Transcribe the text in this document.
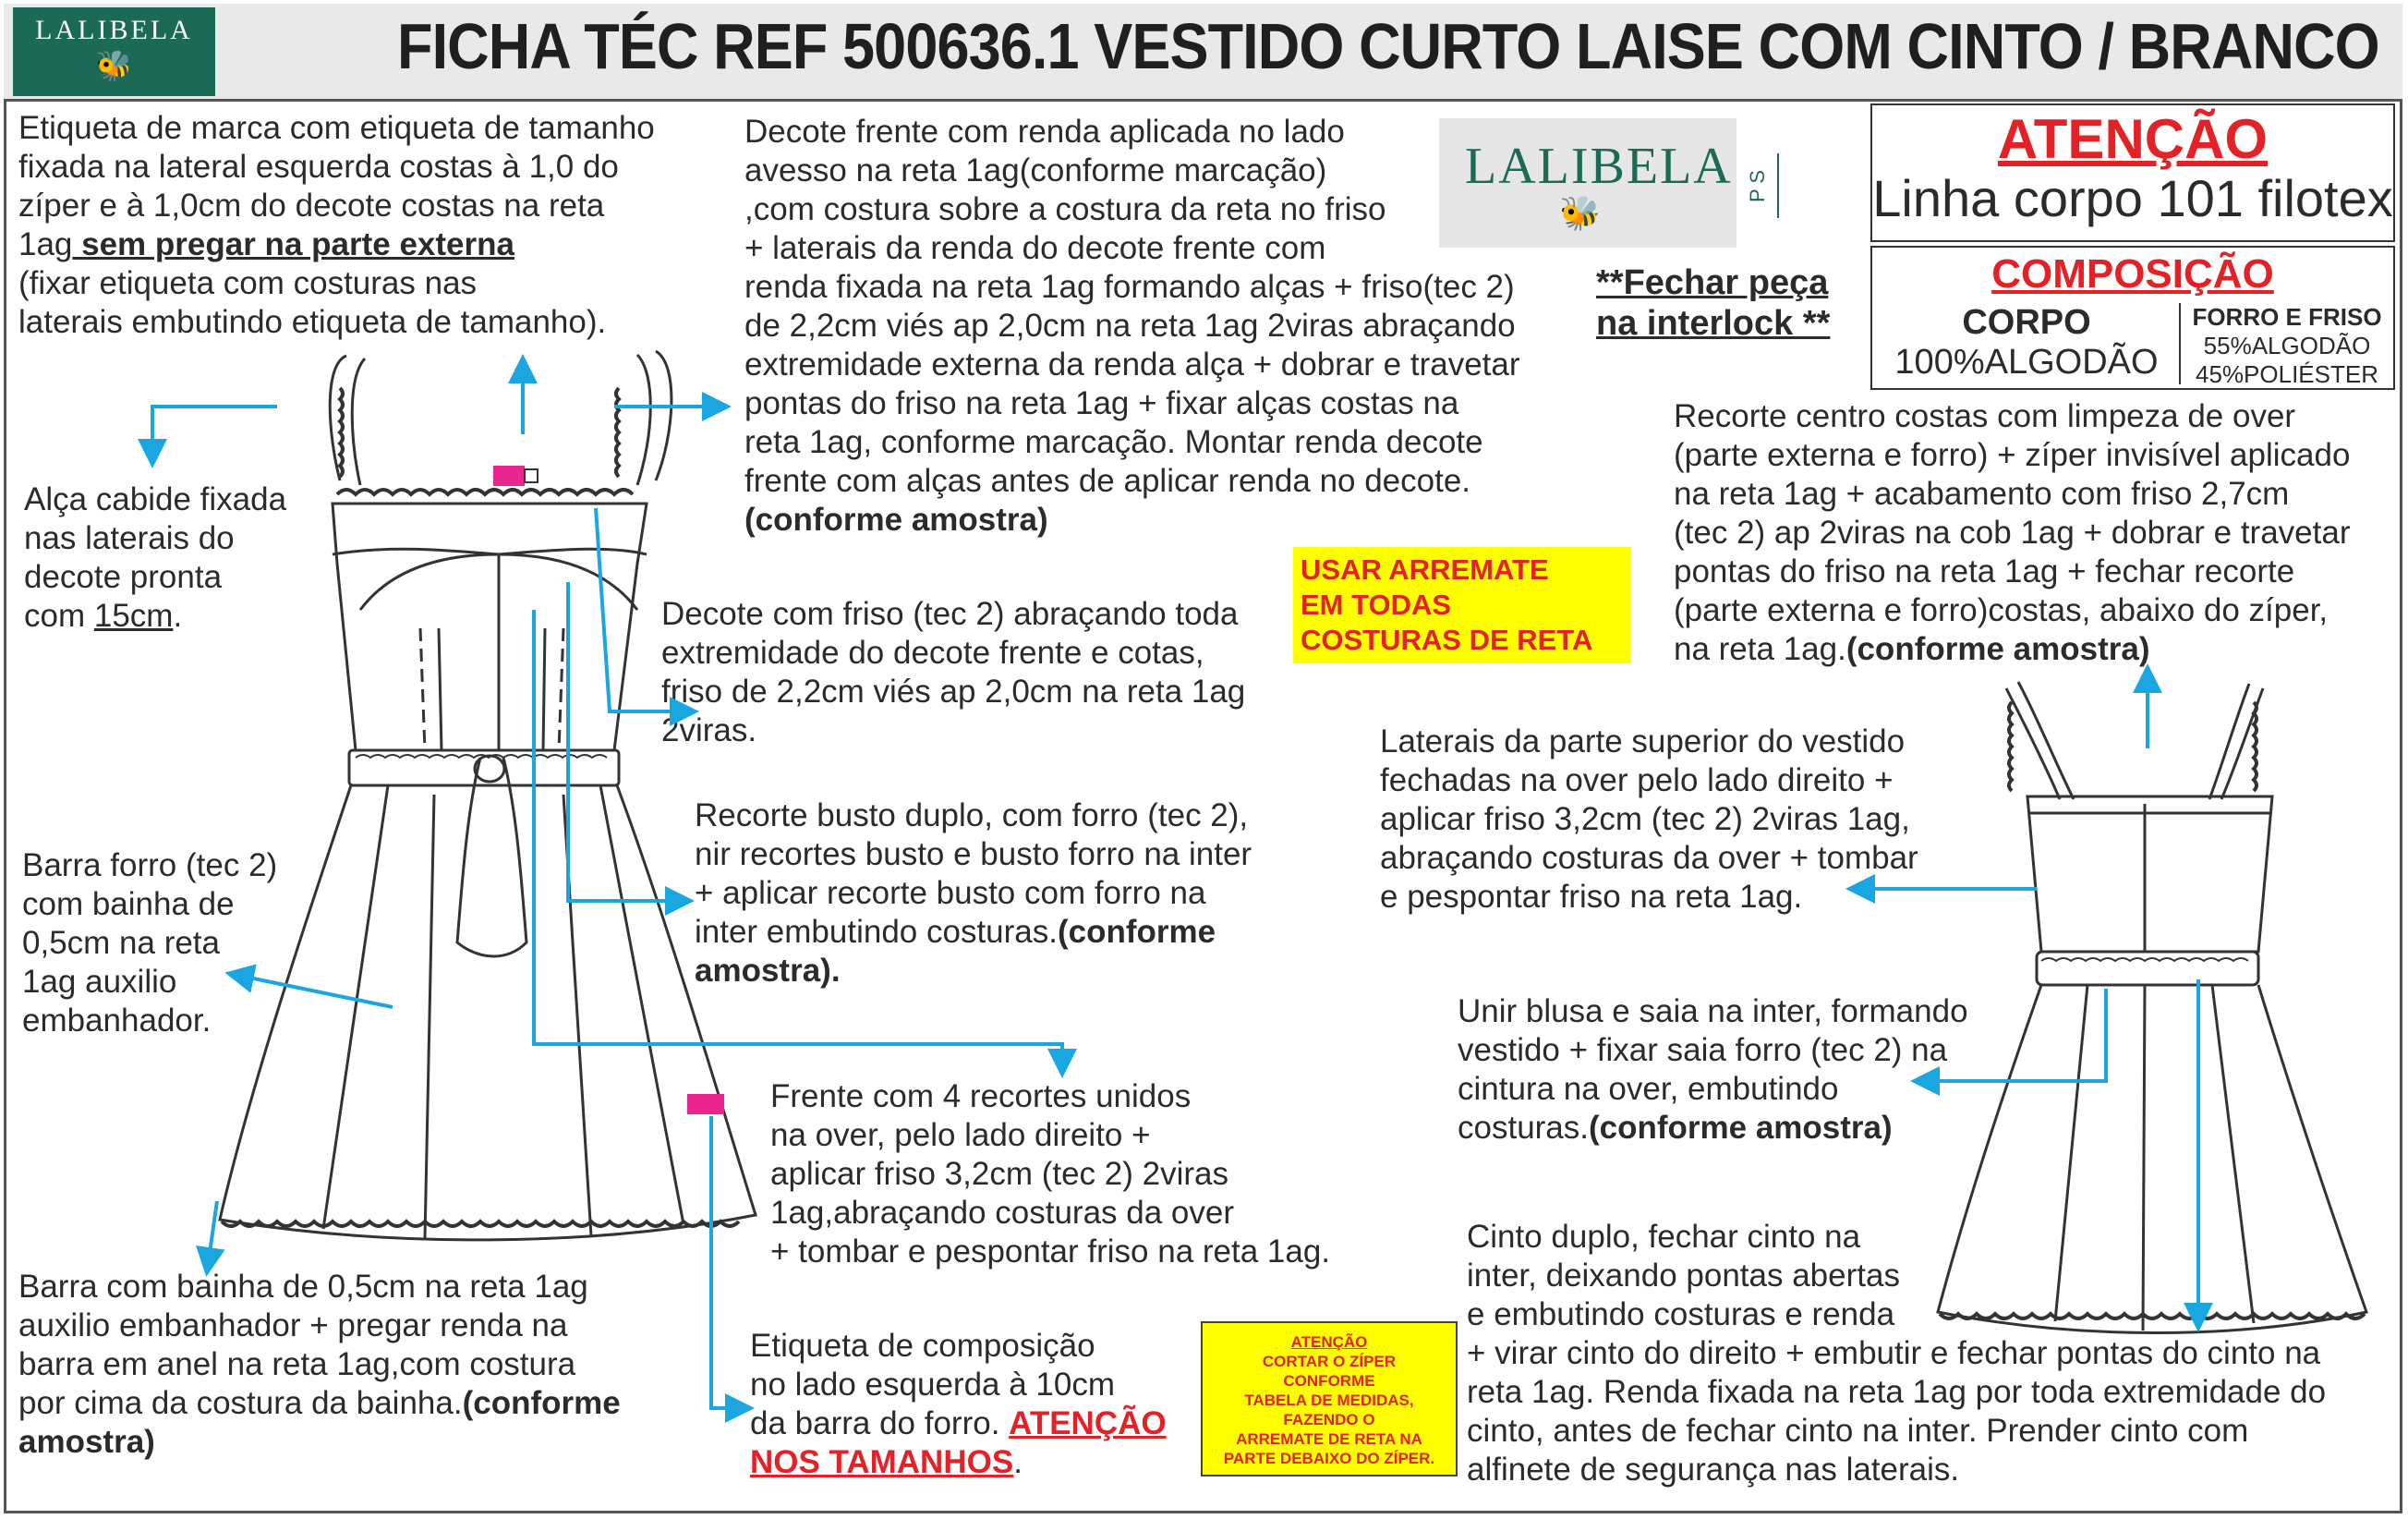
LALIBELA
🐝	FICHA TÉC REF 500636.1 VESTIDO CURTO LAISE COM CINTO / BRANCO
Etiqueta de marca com etiqueta de tamanho
fixada na lateral esquerda costas à 1,0 do
zíper e à 1,0cm do decote costas na reta
1ag sem pregar na parte externa
(fixar etiqueta com costuras nas
laterais embutindo etiqueta de tamanho).
Decote frente com renda aplicada no lado
avesso na reta 1ag(conforme marcação)
,com costura sobre a costura da reta no friso
+ laterais da renda do decote frente com
renda fixada na reta 1ag formando alças + friso(tec 2)
de 2,2cm viés ap 2,0cm na reta 1ag 2viras abraçando
extremidade externa da renda alça + dobrar e travetar
pontas do friso na reta 1ag + fixar alças costas na
reta 1ag, conforme marcação. Montar renda decote
frente com alças antes de aplicar renda no decote.
(conforme amostra)
LALIBELA
🐝
P S
ATENÇÃO
Linha corpo 101 filotex
COMPOSIÇÃO
CORPO
100%ALGODÃO
FORRO E FRISO
55%ALGODÃO
45%POLIÉSTER
**Fechar peça
na interlock **
Alça cabide fixada
nas laterais do
decote pronta
com 15cm.	Decote com friso (tec 2) abraçando toda
extremidade do decote frente e cotas,
friso de 2,2cm viés ap 2,0cm na reta 1ag
2viras.
USAR ARREMATE
EM TODAS
COSTURAS DE RETA
Recorte centro costas com limpeza de over
(parte externa e forro) + zíper invisível aplicado
na reta 1ag + acabamento com friso 2,7cm
(tec 2) ap 2viras na cob 1ag + dobrar e travetar
pontas do friso na reta 1ag + fechar recorte
(parte externa e forro)costas, abaixo do zíper,
na reta 1ag.(conforme amostra)
Recorte busto duplo, com forro (tec 2),
nir recortes busto e busto forro na inter
+ aplicar recorte busto com forro na
inter embutindo costuras.(conforme
amostra).
Laterais da parte superior do vestido
fechadas na over pelo lado direito +
aplicar friso 3,2cm (tec 2) 2viras 1ag,
abraçando costuras da over + tombar
e pespontar friso na reta 1ag.
Barra forro (tec 2)
com bainha de
0,5cm na reta
1ag auxilio
embanhador.	Unir blusa e saia na inter, formando
vestido + fixar saia forro (tec 2) na
cintura na over, embutindo
costuras.(conforme amostra)
Frente com 4 recortes unidos
na over, pelo lado direito +
aplicar friso 3,2cm (tec 2) 2viras
1ag,abraçando costuras da over
+ tombar e pespontar friso na reta 1ag.
Barra com bainha de 0,5cm na reta 1ag
auxilio embanhador + pregar renda na
barra em anel na reta 1ag,com costura
por cima da costura da bainha.(conforme
amostra)
Etiqueta de composição
no lado esquerda à 10cm
da barra do forro. ATENÇÃO
NOS TAMANHOS.
ATENÇÃO
CORTAR O ZÍPER
CONFORME
TABELA DE MEDIDAS,
FAZENDO O
ARREMATE DE RETA NA
PARTE DEBAIXO DO ZÍPER.
Cinto duplo, fechar cinto na
inter, deixando pontas abertas
e embutindo costuras e renda
+ virar cinto do direito + embutir e fechar pontas do cinto na
reta 1ag. Renda fixada na reta 1ag por toda extremidade do
cinto, antes de fechar cinto na inter. Prender cinto com
alfinete de segurança nas laterais.
